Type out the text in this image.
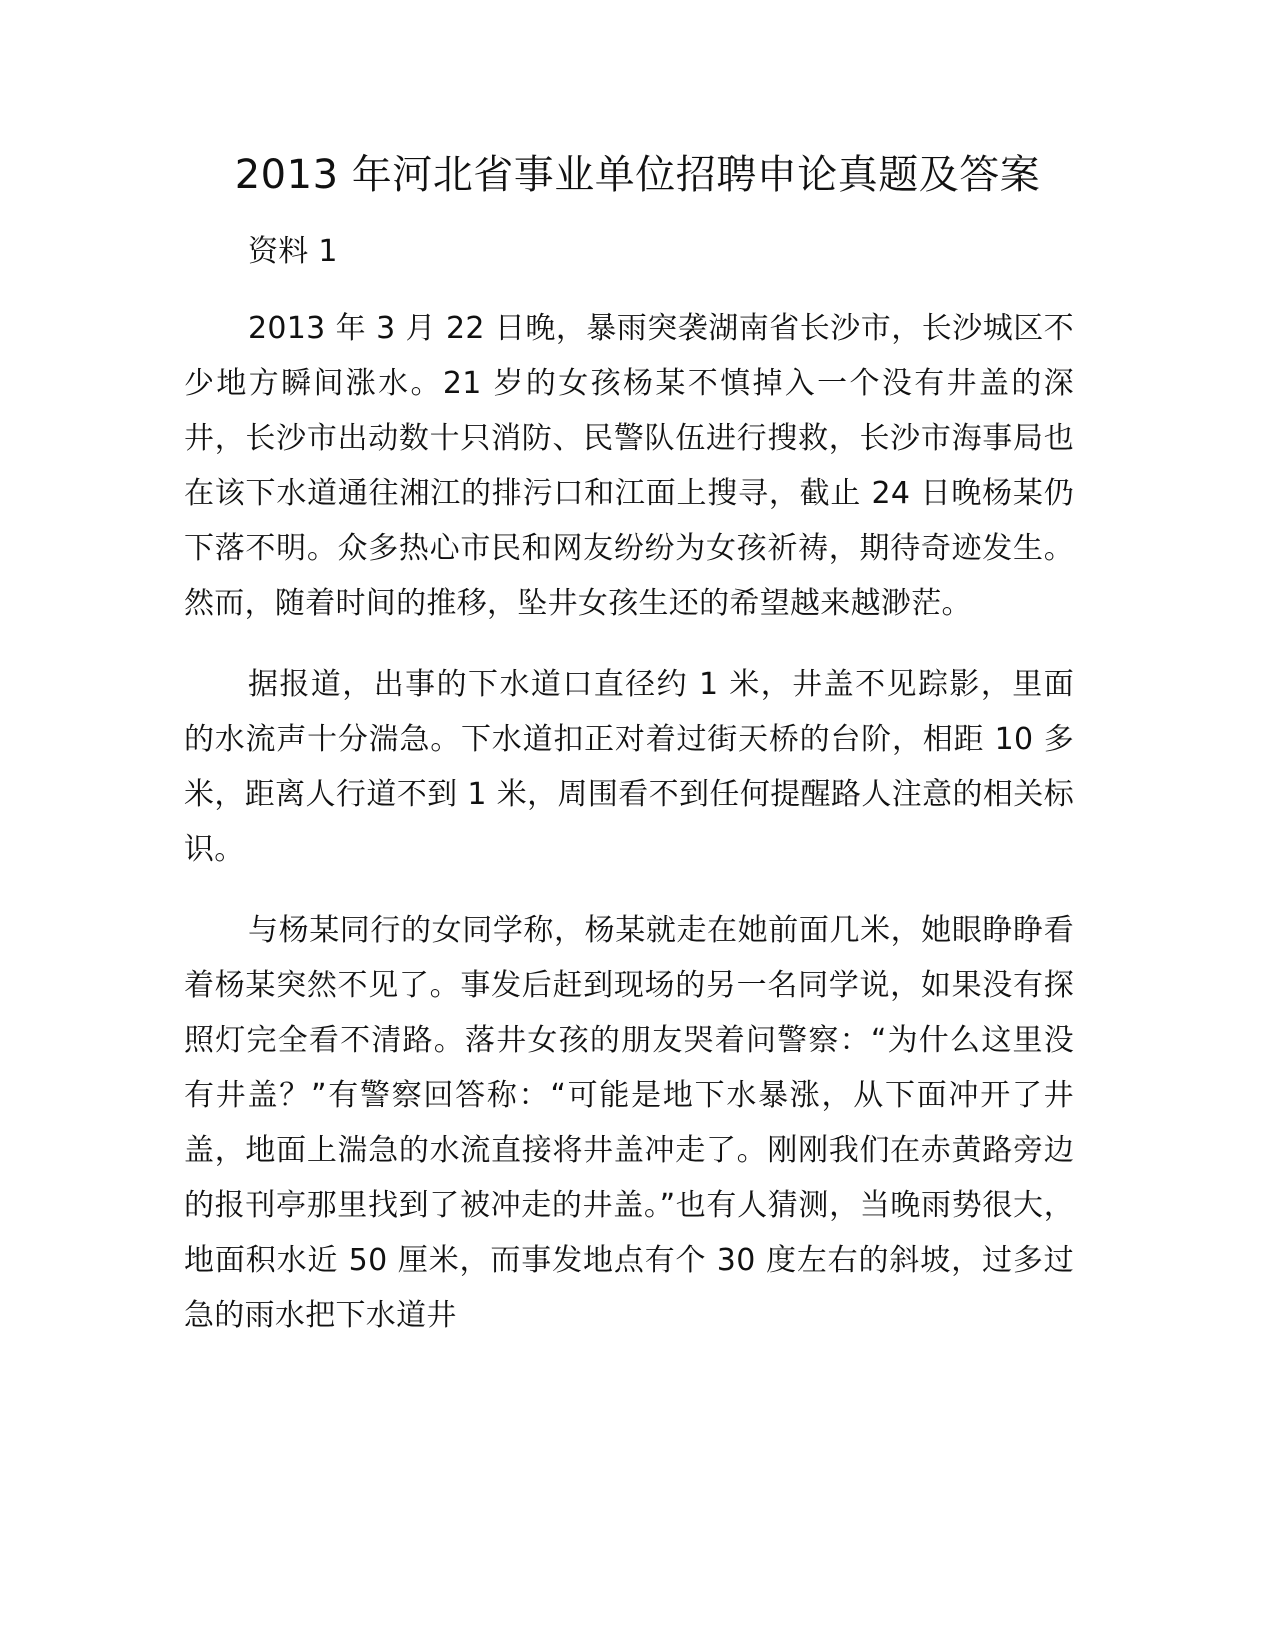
2013 年河北省事业单位招聘申论真题及答案

资料 1

2013 年 3 月 22 日晚，暴雨突袭湖南省长沙市，长沙城区不少地方瞬间涨水。21 岁的女孩杨某不慎掉入一个没有井盖的深井，长沙市出动数十只消防、民警队伍进行搜救，长沙市海事局也在该下水道通往湘江的排污口和江面上搜寻，截止 24 日晚杨某仍下落不明。众多热心市民和网友纷纷为女孩祈祷，期待奇迹发生。然而，随着时间的推移，坠井女孩生还的希望越来越渺茫。

据报道，出事的下水道口直径约 1 米，井盖不见踪影，里面的水流声十分湍急。下水道扣正对着过街天桥的台阶，相距 10 多米，距离人行道不到 1 米，周围看不到任何提醒路人注意的相关标识。

与杨某同行的女同学称，杨某就走在她前面几米，她眼睁睁看着杨某突然不见了。事发后赶到现场的另一名同学说，如果没有探照灯完全看不清路。落井女孩的朋友哭着问警察：“为什么这里没有井盖？”有警察回答称：“可能是地下水暴涨，从下面冲开了井盖，地面上湍急的水流直接将井盖冲走了。刚刚我们在赤黄路旁边的报刊亭那里找到了被冲走的井盖。”也有人猜测，当晚雨势很大，地面积水近 50 厘米，而事发地点有个 30 度左右的斜坡，过多过急的雨水把下水道井
